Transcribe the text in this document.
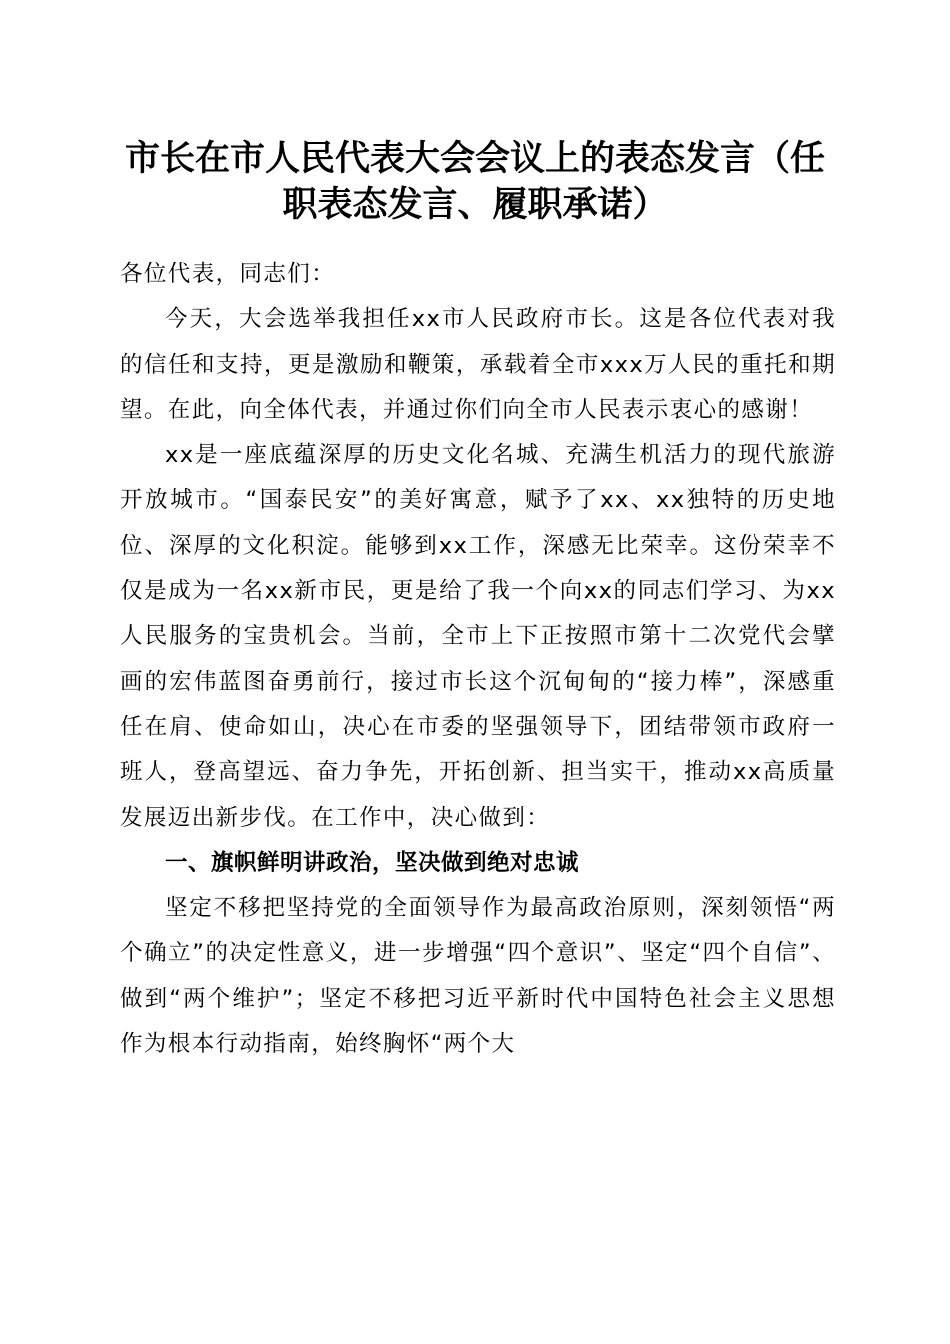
市长在市人民代表大会会议上的表态发言（任
职表态发言、履职承诺）

各位代表，同志们：

今天，大会选举我担任xx市人民政府市长。这是各位代表对我的信任和支持，更是激励和鞭策，承载着全市xxx万人民的重托和期望。在此，向全体代表，并通过你们向全市人民表示衷心的感谢！

xx是一座底蕴深厚的历史文化名城、充满生机活力的现代旅游开放城市。“国泰民安”的美好寓意，赋予了xx、xx独特的历史地位、深厚的文化积淀。能够到xx工作，深感无比荣幸。这份荣幸不仅是成为一名xx新市民，更是给了我一个向xx的同志们学习、为xx人民服务的宝贵机会。当前，全市上下正按照市第十二次党代会擘画的宏伟蓝图奋勇前行，接过市长这个沉甸甸的“接力棒”，深感重任在肩、使命如山，决心在市委的坚强领导下，团结带领市政府一班人，登高望远、奋力争先，开拓创新、担当实干，推动xx高质量发展迈出新步伐。在工作中，决心做到：

一、旗帜鲜明讲政治，坚决做到绝对忠诚

坚定不移把坚持党的全面领导作为最高政治原则，深刻领悟“两个确立”的决定性意义，进一步增强“四个意识”、坚定“四个自信”、做到“两个维护”；坚定不移把习近平新时代中国特色社会主义思想作为根本行动指南，始终胸怀“两个大
